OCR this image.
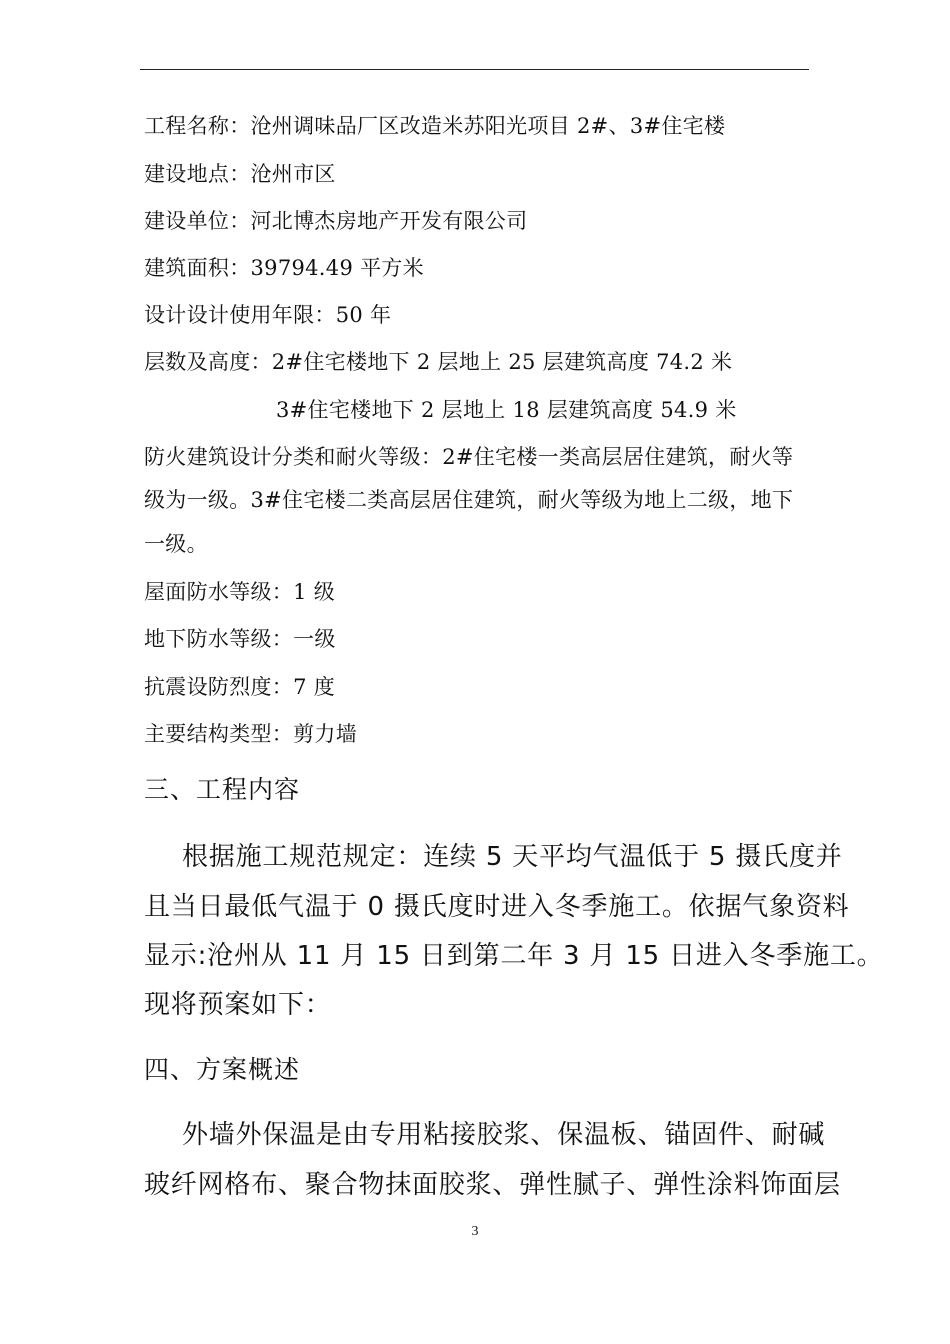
工程名称：沧州调味品厂区改造米苏阳光项目 2#、3#住宅楼
建设地点：沧州市区
建设单位：河北博杰房地产开发有限公司
建筑面积：39794.49 平方米
设计设计使用年限：50 年
层数及高度：2#住宅楼地下 2 层地上 25 层建筑高度 74.2 米
3#住宅楼地下 2 层地上 18 层建筑高度 54.9 米
防火建筑设计分类和耐火等级：2#住宅楼一类高层居住建筑，耐火等
级为一级。3#住宅楼二类高层居住建筑，耐火等级为地上二级，地下
一级。
屋面防水等级：1 级
地下防水等级：一级
抗震设防烈度：7 度
主要结构类型：剪力墙
三、工程内容
根据施工规范规定：连续 5 天平均气温低于 5 摄氏度并
且当日最低气温于 0 摄氏度时进入冬季施工。依据气象资料
显示:沧州从 11 月 15 日到第二年 3 月 15 日进入冬季施工。
现将预案如下：
四、方案概述
外墙外保温是由专用粘接胶浆、保温板、锚固件、耐碱
玻纤网格布、聚合物抹面胶浆、弹性腻子、弹性涂料饰面层
3
